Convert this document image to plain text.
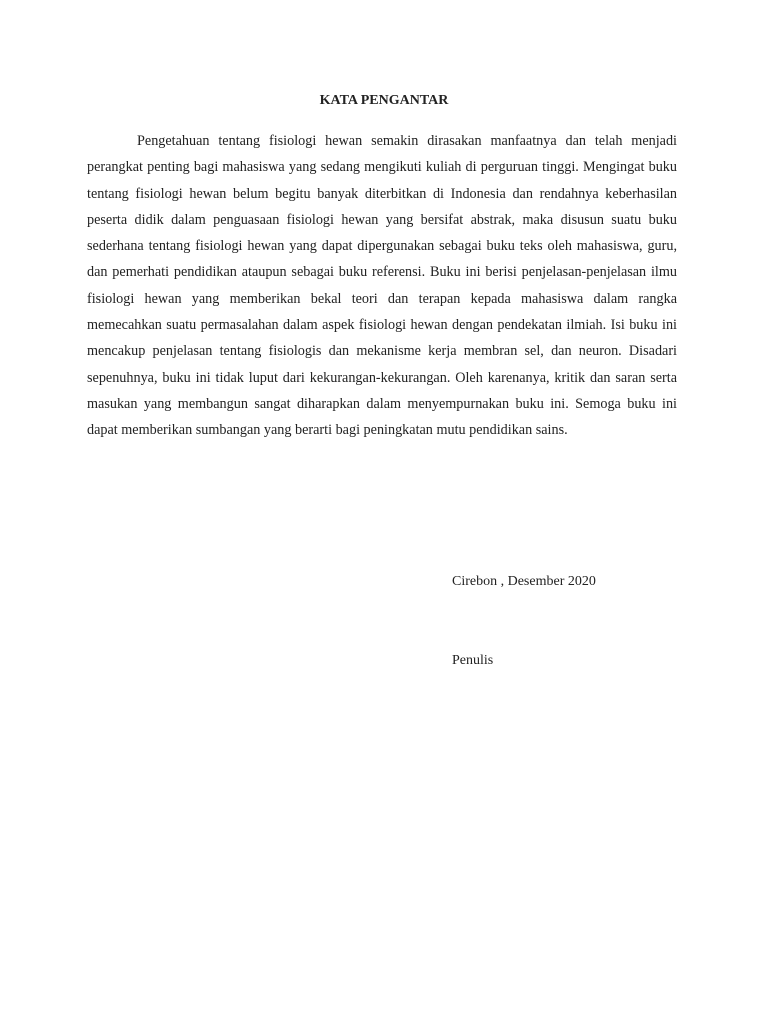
KATA PENGANTAR

Pengetahuan tentang fisiologi hewan semakin dirasakan manfaatnya dan telah menjadi perangkat penting bagi mahasiswa yang sedang mengikuti kuliah di perguruan tinggi. Mengingat buku tentang fisiologi hewan belum begitu banyak diterbitkan di Indonesia dan rendahnya keberhasilan peserta didik dalam penguasaan fisiologi hewan yang bersifat abstrak, maka disusun suatu buku sederhana tentang fisiologi hewan yang dapat dipergunakan sebagai buku teks oleh mahasiswa, guru, dan pemerhati pendidikan ataupun sebagai buku referensi. Buku ini berisi penjelasan-penjelasan ilmu fisiologi hewan yang memberikan bekal teori dan terapan kepada mahasiswa dalam rangka memecahkan suatu permasalahan dalam aspek fisiologi hewan dengan pendekatan ilmiah. Isi buku ini mencakup penjelasan tentang fisiologis dan mekanisme kerja membran sel, dan neuron. Disadari sepenuhnya, buku ini tidak luput dari kekurangan-kekurangan. Oleh karenanya, kritik dan saran serta masukan yang membangun sangat diharapkan dalam menyempurnakan buku ini. Semoga buku ini dapat memberikan sumbangan yang berarti bagi peningkatan mutu pendidikan sains.

Cirebon , Desember 2020
Penulis
